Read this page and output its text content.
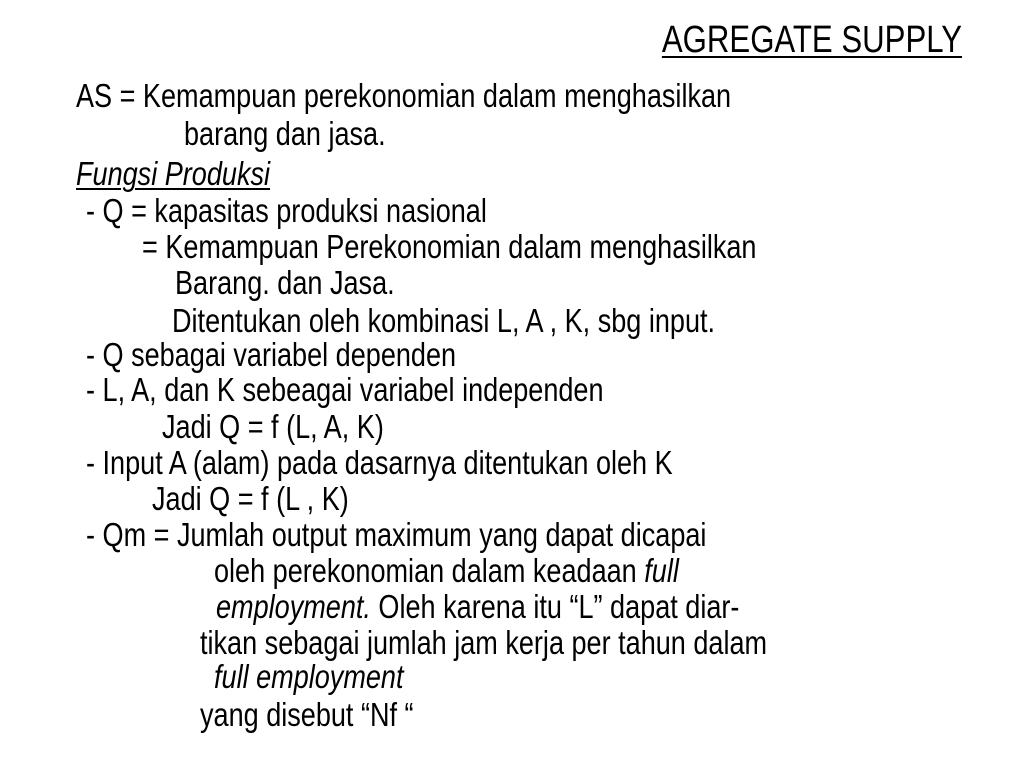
AGREGATE SUPPLY
AS = Kemampuan perekonomian dalam menghasilkan
barang dan jasa.
Fungsi Produksi
- Q = kapasitas produksi nasional
= Kemampuan Perekonomian dalam menghasilkan
Barang. dan Jasa.
Ditentukan oleh kombinasi L, A , K, sbg input.
- Q sebagai variabel dependen
- L, A, dan K sebeagai variabel independen
Jadi Q = f (L, A, K)
- Input A (alam) pada dasarnya ditentukan oleh K
Jadi Q = f (L , K)
- Qm = Jumlah output maximum yang dapat dicapai
oleh perekonomian dalam keadaan full
employment. Oleh karena itu “L” dapat diar-
tikan sebagai jumlah jam kerja per tahun dalam
full employment
yang disebut “Nf “
